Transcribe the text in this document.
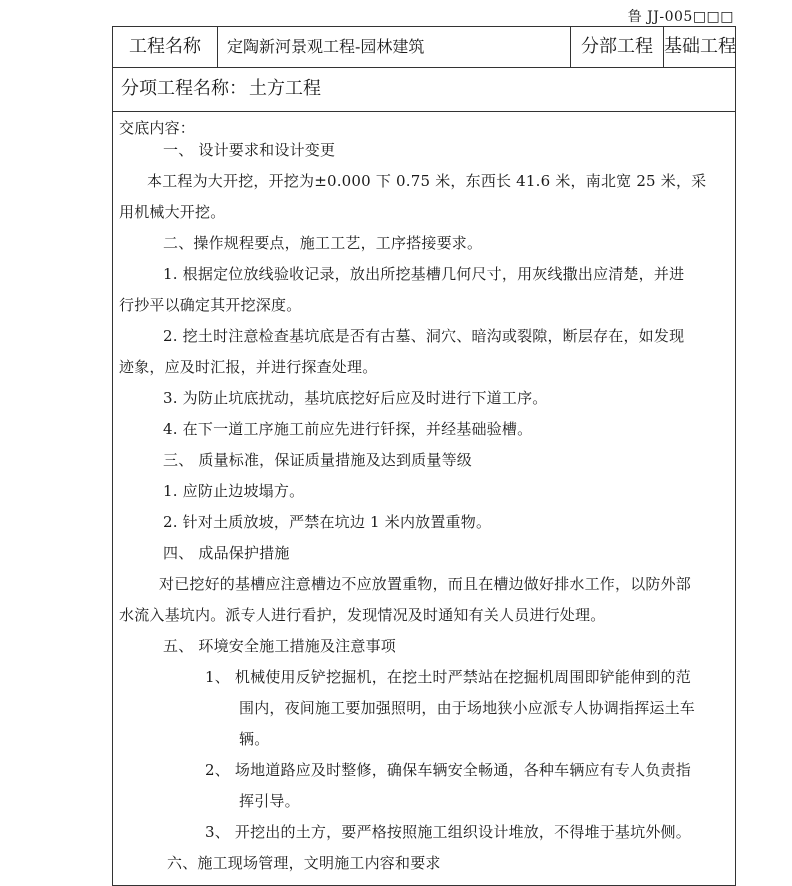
鲁 JJ-005□□□
工程名称	定陶新河景观工程-园林建筑	分部工程 基础工程
分项工程名称： 土方工程
交底内容：
一、 设计要求和设计变更
本工程为大开挖，开挖为±0.000 下 0.75 米，东西长 41.6 米，南北宽 25 米，采
用机械大开挖。
二、操作规程要点，施工工艺，工序搭接要求。
1. 根据定位放线验收记录，放出所挖基槽几何尺寸，用灰线撒出应清楚，并进
行抄平以确定其开挖深度。
2. 挖土时注意检查基坑底是否有古墓、洞穴、暗沟或裂隙，断层存在，如发现
迹象，应及时汇报，并进行探查处理。
3. 为防止坑底扰动，基坑底挖好后应及时进行下道工序。
4. 在下一道工序施工前应先进行钎探，并经基础验槽。
三、 质量标准，保证质量措施及达到质量等级
1. 应防止边坡塌方。
2. 针对土质放坡，严禁在坑边 1 米内放置重物。
四、 成品保护措施
对已挖好的基槽应注意槽边不应放置重物，而且在槽边做好排水工作，以防外部
水流入基坑内。派专人进行看护，发现情况及时通知有关人员进行处理。
五、 环境安全施工措施及注意事项
1、 机械使用反铲挖掘机，在挖土时严禁站在挖掘机周围即铲能伸到的范
围内，夜间施工要加强照明，由于场地狭小应派专人协调指挥运土车
辆。
2、 场地道路应及时整修，确保车辆安全畅通，各种车辆应有专人负责指
挥引导。
3、 开挖出的土方，要严格按照施工组织设计堆放，不得堆于基坑外侧。
六、施工现场管理，文明施工内容和要求
